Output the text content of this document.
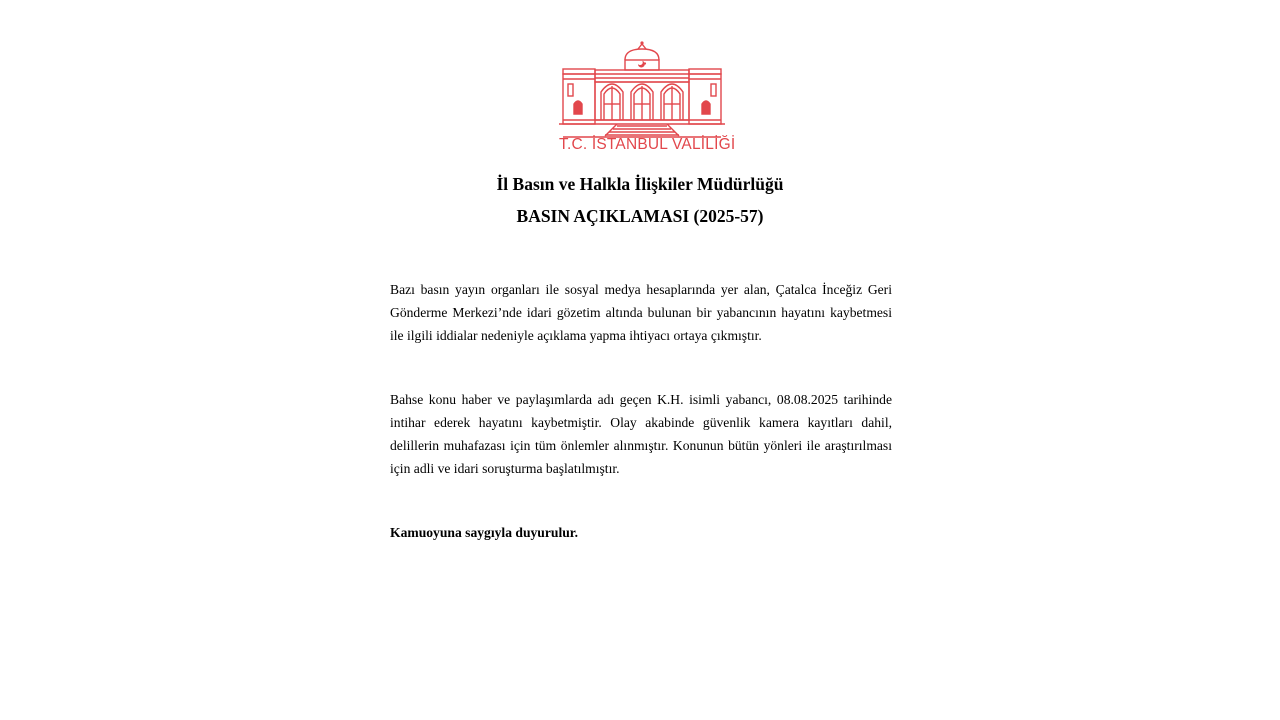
T.C. İSTANBUL VALİLİĞİ
İl Basın ve Halkla İlişkiler Müdürlüğü
BASIN AÇIKLAMASI (2025-57)

Bazı basın yayın organları ile sosyal medya hesaplarında yer alan, Çatalca İnceğiz Geri Gönderme Merkezi’nde idari gözetim altında bulunan bir yabancının hayatını kaybetmesi ile ilgili iddialar nedeniyle açıklama yapma ihtiyacı ortaya çıkmıştır.

Bahse konu haber ve paylaşımlarda adı geçen K.H. isimli yabancı, 08.08.2025 tarihinde intihar ederek hayatını kaybetmiştir. Olay akabinde güvenlik kamera kayıtları dahil, delillerin muhafazası için tüm önlemler alınmıştır. Konunun bütün yönleri ile araştırılması için adli ve idari soruşturma başlatılmıştır.

Kamuoyuna saygıyla duyurulur.
